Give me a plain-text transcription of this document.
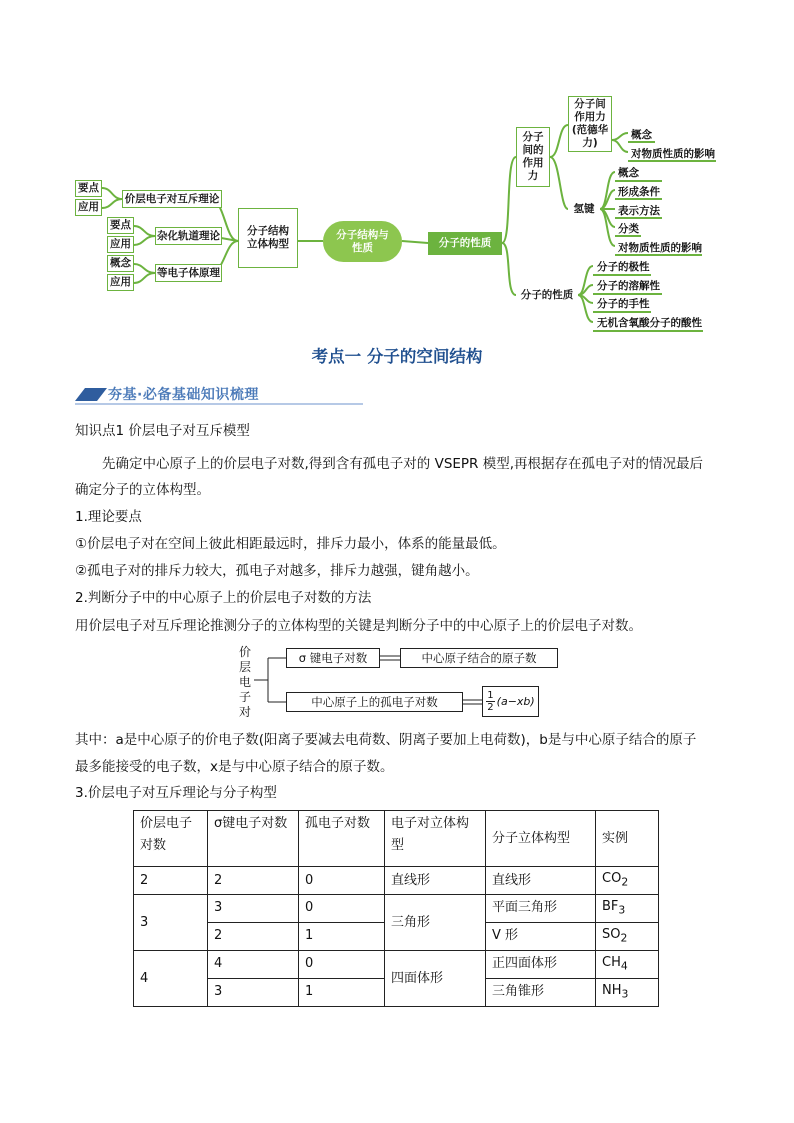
分子结构与性质
分子结构立体构型
价层电子对互斥理论
杂化轨道理论
等电子体原理
要点
应用
要点
应用
概念
应用
分子的性质
分子间的作用力
分子间作用力(范德华力)
概念
对物质性质的影响
氢键
概念
形成条件
表示方法
分类
对物质性质的影响
分子的性质
分子的极性
分子的溶解性
分子的手性
无机含氧酸分子的酸性
考点一 分子的空间结构
夯基·必备基础知识梳理
知识点1 价层电子对互斥模型
先确定中心原子上的价层电子对数,得到含有孤电子对的 VSEPR 模型,再根据存在孤电子对的情况最后
确定分子的立体构型。
1.理论要点
①价层电子对在空间上彼此相距最远时，排斥力最小，体系的能量最低。
②孤电子对的排斥力较大，孤电子对越多，排斥力越强，键角越小。
2.判断分子中的中心原子上的价层电子对数的方法
用价层电子对互斥理论推测分子的立体构型的关键是判断分子中的中心原子上的价层电子对数。
价
层
电
子
对
σ 键电子对数	中心原子结合的原子数
中心原子上的孤电子对数	$\frac{1}{2} (a-xb)$
其中：a是中心原子的价电子数(阳离子要减去电荷数、阴离子要加上电荷数)，b是与中心原子结合的原子
最多能接受的电子数，x是与中心原子结合的原子数。
3.价层电子对互斥理论与分子构型
价层电子对数	σ键电子对数	孤电子对数	电子对立体构型	分子立体构型	实例
2	2	0	直线形	直线形	$CO_2$
3	3	0	三角形	平面三角形	$BF_3$
	2	1		V 形	$SO_2$
4	4	0	四面体形	正四面体形	$CH_4$
	3	1		三角锥形	$NH_3$
